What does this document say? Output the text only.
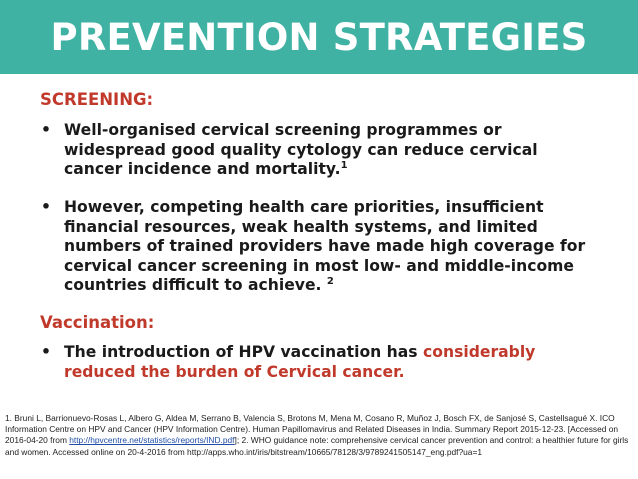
PREVENTION STRATEGIES
SCREENING:
• Well-organised cervical screening programmes or widespread good quality cytology can reduce cervical cancer incidence and mortality.$^1$
• However, competing health care priorities, insufficient financial resources, weak health systems, and limited numbers of trained providers have made high coverage for cervical cancer screening in most low- and middle-income countries difficult to achieve. $^2$
Vaccination:
• The introduction of HPV vaccination has considerably reduced the burden of Cervical cancer.
1. Bruni L, Barrionuevo-Rosas L, Albero G, Aldea M, Serrano B, Valencia S, Brotons M, Mena M, Cosano R, Muñoz J, Bosch FX, de Sanjosé S, Castellsagué X. ICO Information Centre on HPV and Cancer (HPV Information Centre). Human Papillomavirus and Related Diseases in India. Summary Report 2015-12-23. [Accessed on 2016-04-20 from http://hpvcentre.net/statistics/reports/IND.pdf]; 2. WHO guidance note: comprehensive cervical cancer prevention and control: a healthier future for girls and women. Accessed online on 20-4-2016 from http://apps.who.int/iris/bitstream/10665/78128/3/9789241505147_eng.pdf?ua=1
